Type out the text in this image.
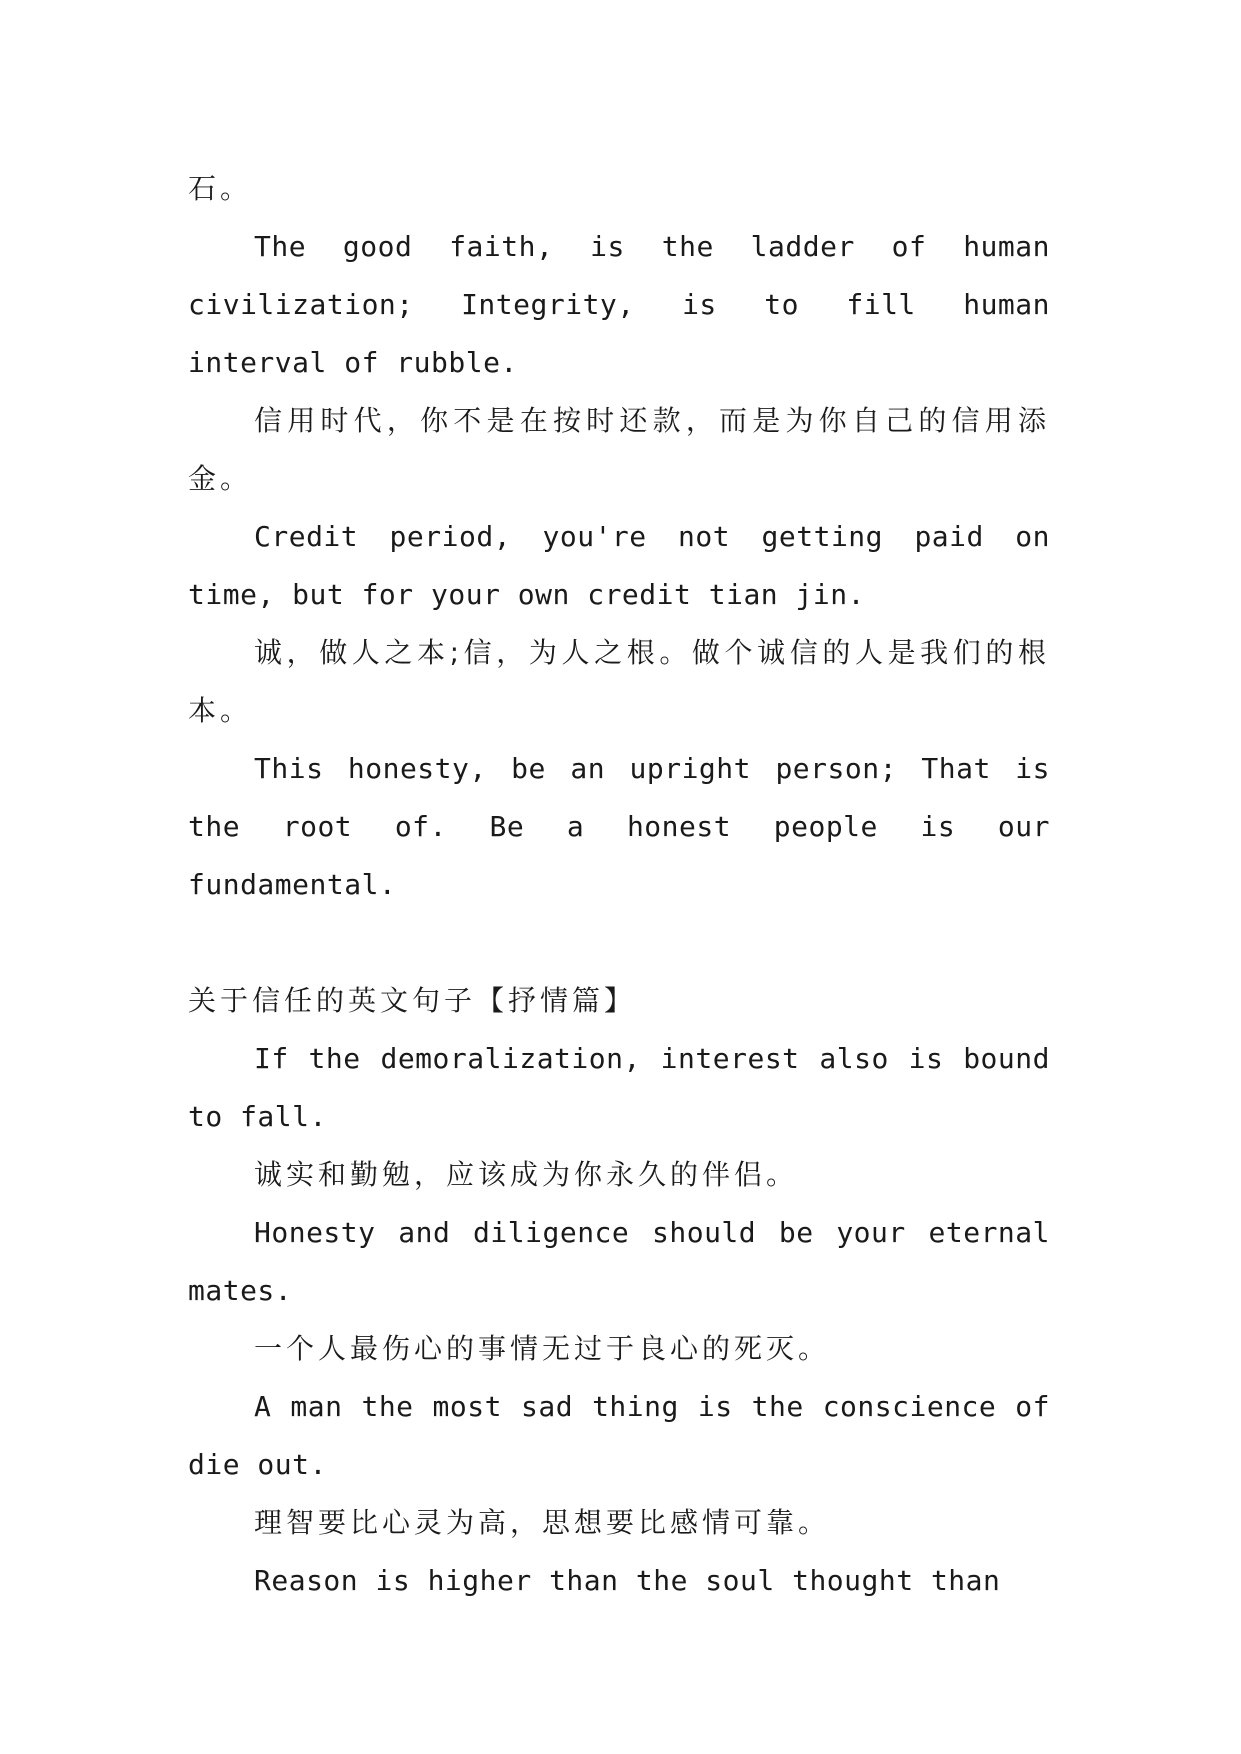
石。

The good faith, is the ladder of human civilization; Integrity, is to fill human interval of rubble.

信用时代，你不是在按时还款，而是为你自己的信用添金。

Credit period, you're not getting paid on time, but for your own credit tian jin.

诚，做人之本;信，为人之根。做个诚信的人是我们的根本。

This honesty, be an upright person; That is the root of. Be a honest people is our fundamental.

关于信任的英文句子【抒情篇】

If the demoralization, interest also is bound to fall.

诚实和勤勉，应该成为你永久的伴侣。

Honesty and diligence should be your eternal mates.

一个人最伤心的事情无过于良心的死灭。

A man the most sad thing is the conscience of die out.

理智要比心灵为高，思想要比感情可靠。

Reason is higher than the soul thought than
